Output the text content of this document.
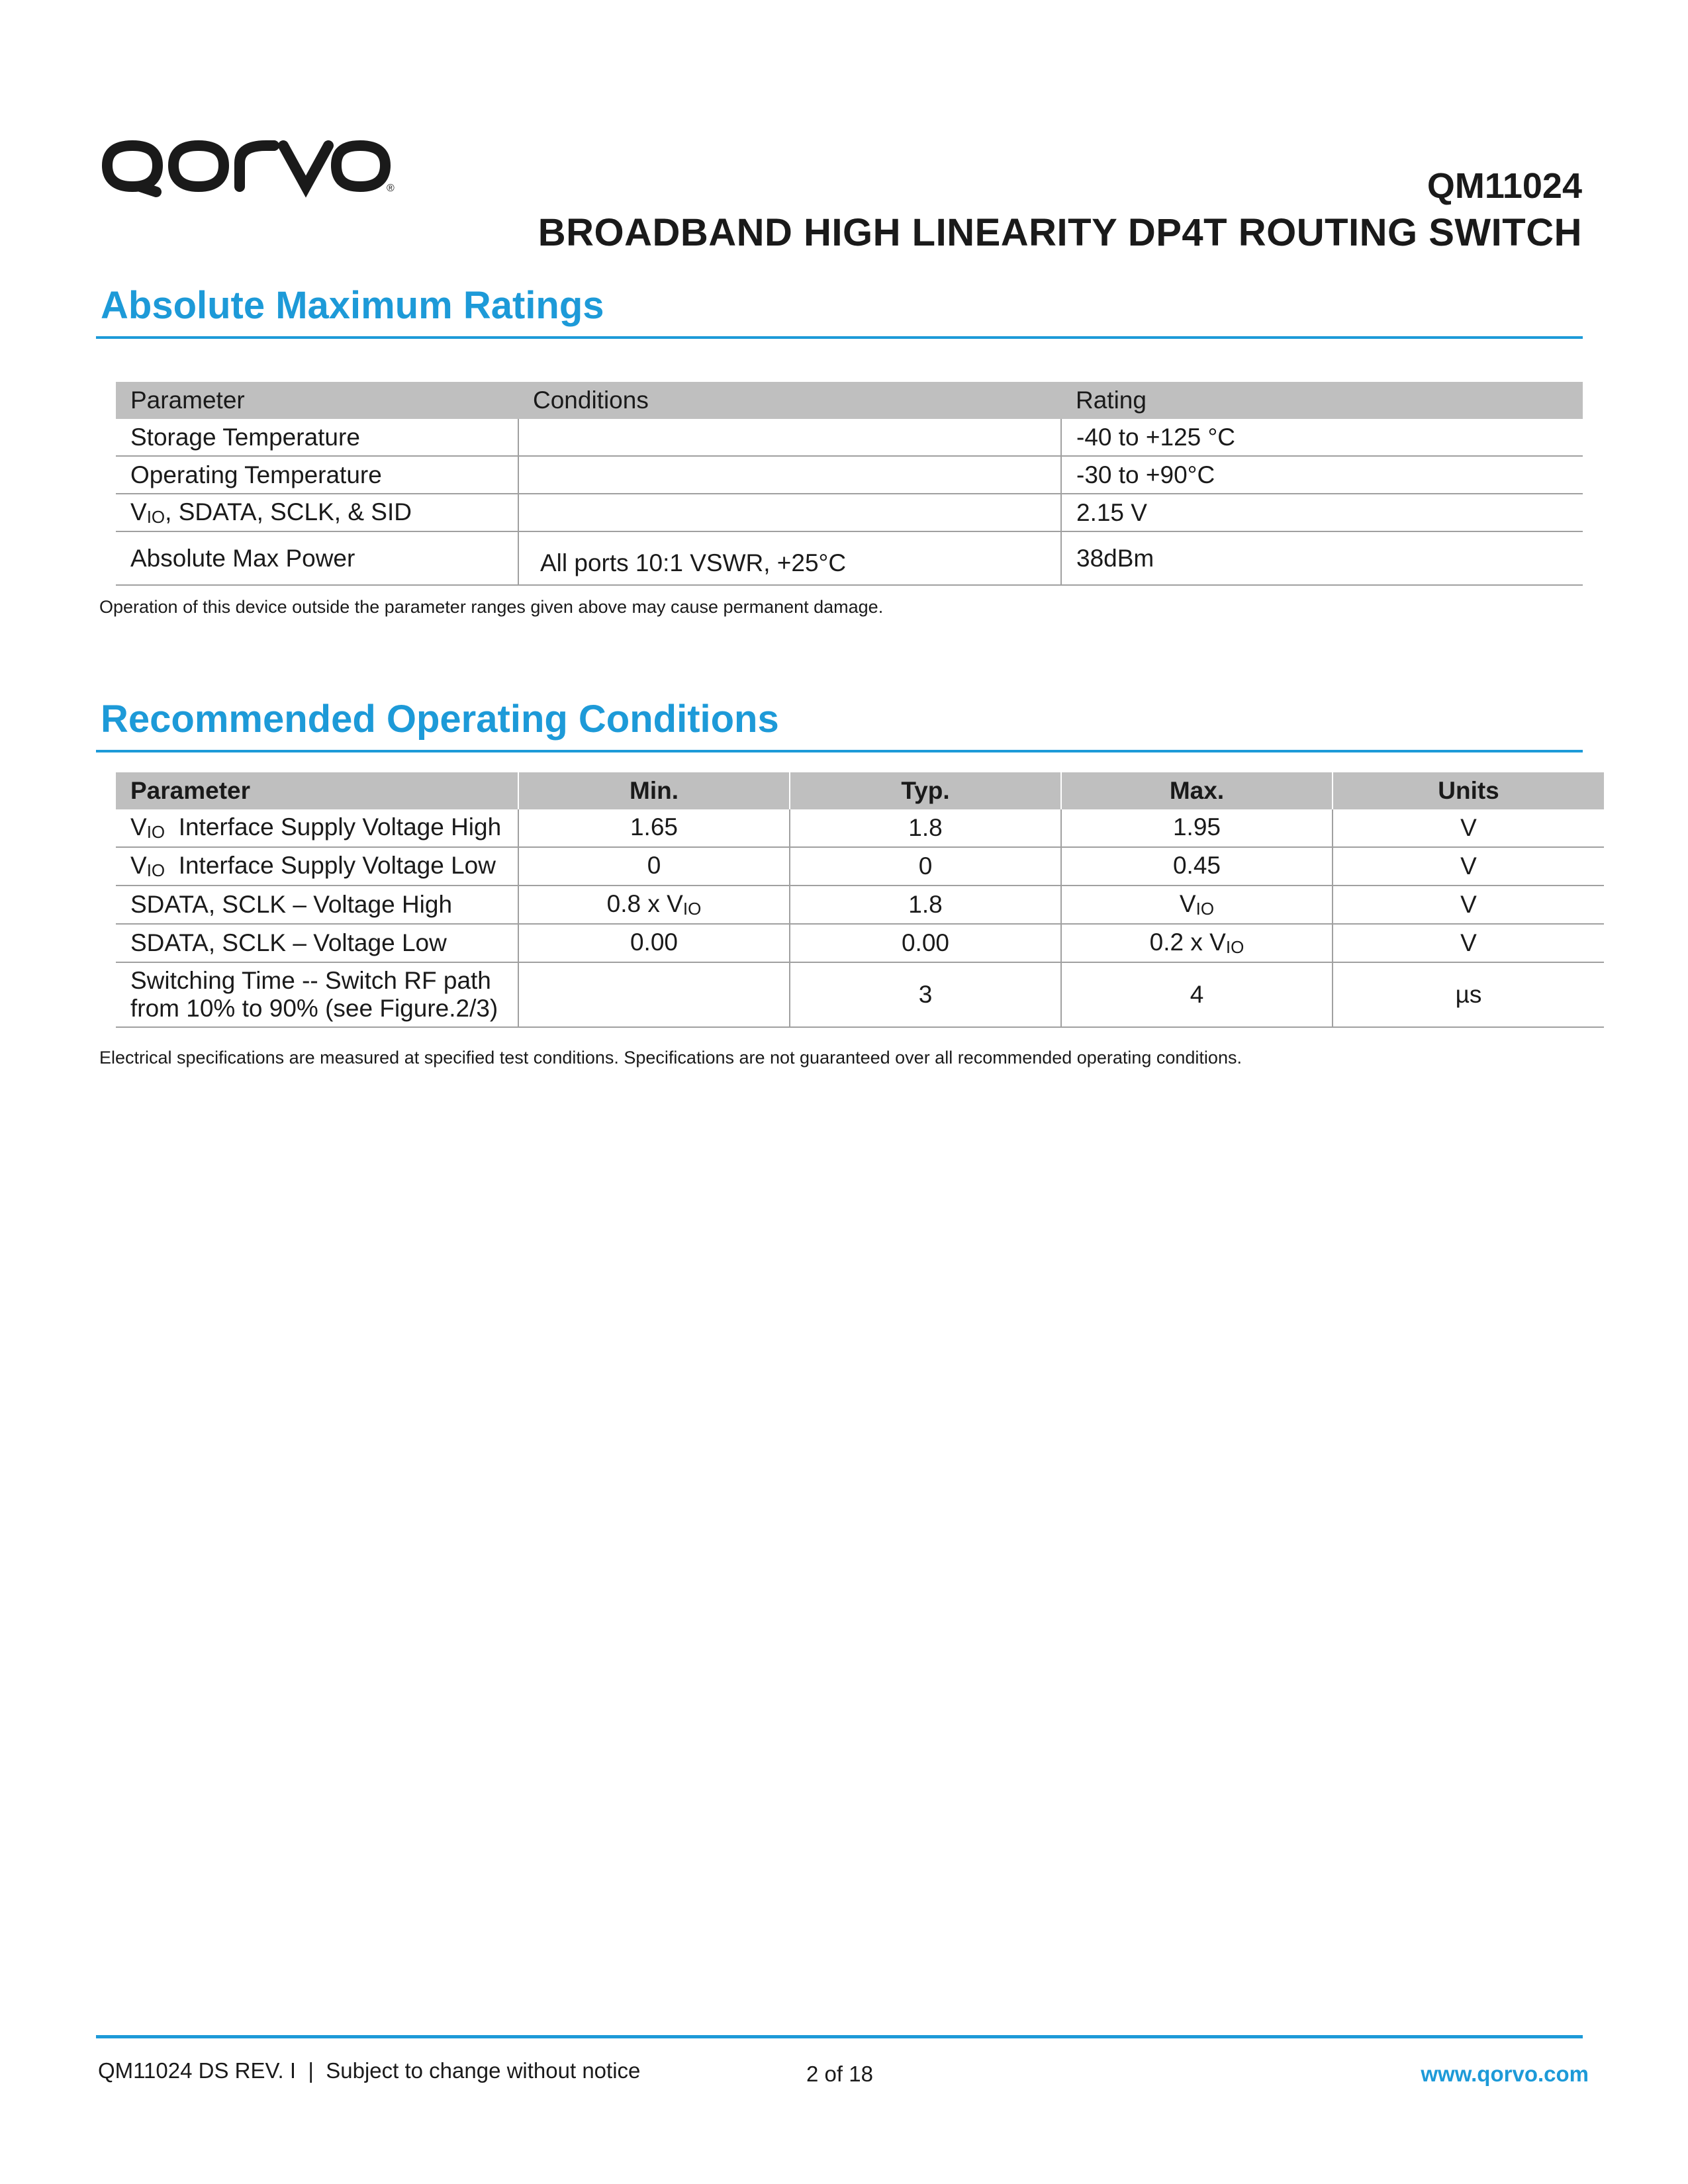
®	QM11024
BROADBAND HIGH LINEARITY DP4T ROUTING SWITCH
Absolute Maximum Ratings
Parameter	Conditions	Rating
Storage Temperature		-40 to +125 °C
Operating Temperature		-30 to +90°C
$V_{IO}$, SDATA, SCLK, & SID		2.15 V
Absolute Max Power	All ports 10:1 VSWR, +25°C	38dBm
Operation of this device outside the parameter ranges given above may cause permanent damage.
Recommended Operating Conditions
Parameter	Min.	Typ.	Max.	Units
$V_{IO}$  Interface Supply Voltage High	1.65	1.8	1.95	V
$V_{IO}$  Interface Supply Voltage Low	0	0	0.45	V
SDATA, SCLK – Voltage High	0.8 x $V_{IO}$	1.8	$V_{IO}$	V
SDATA, SCLK – Voltage Low	0.00	0.00	0.2 x $V_{IO}$	V

Switching Time -- Switch RF path
from 10% to 90% (see Figure.2/3)		3	4	µs
Electrical specifications are measured at specified test conditions. Specifications are not guaranteed over all recommended operating conditions.
QM11024 DS REV. I  |  Subject to change without notice	2 of 18	www.qorvo.com
